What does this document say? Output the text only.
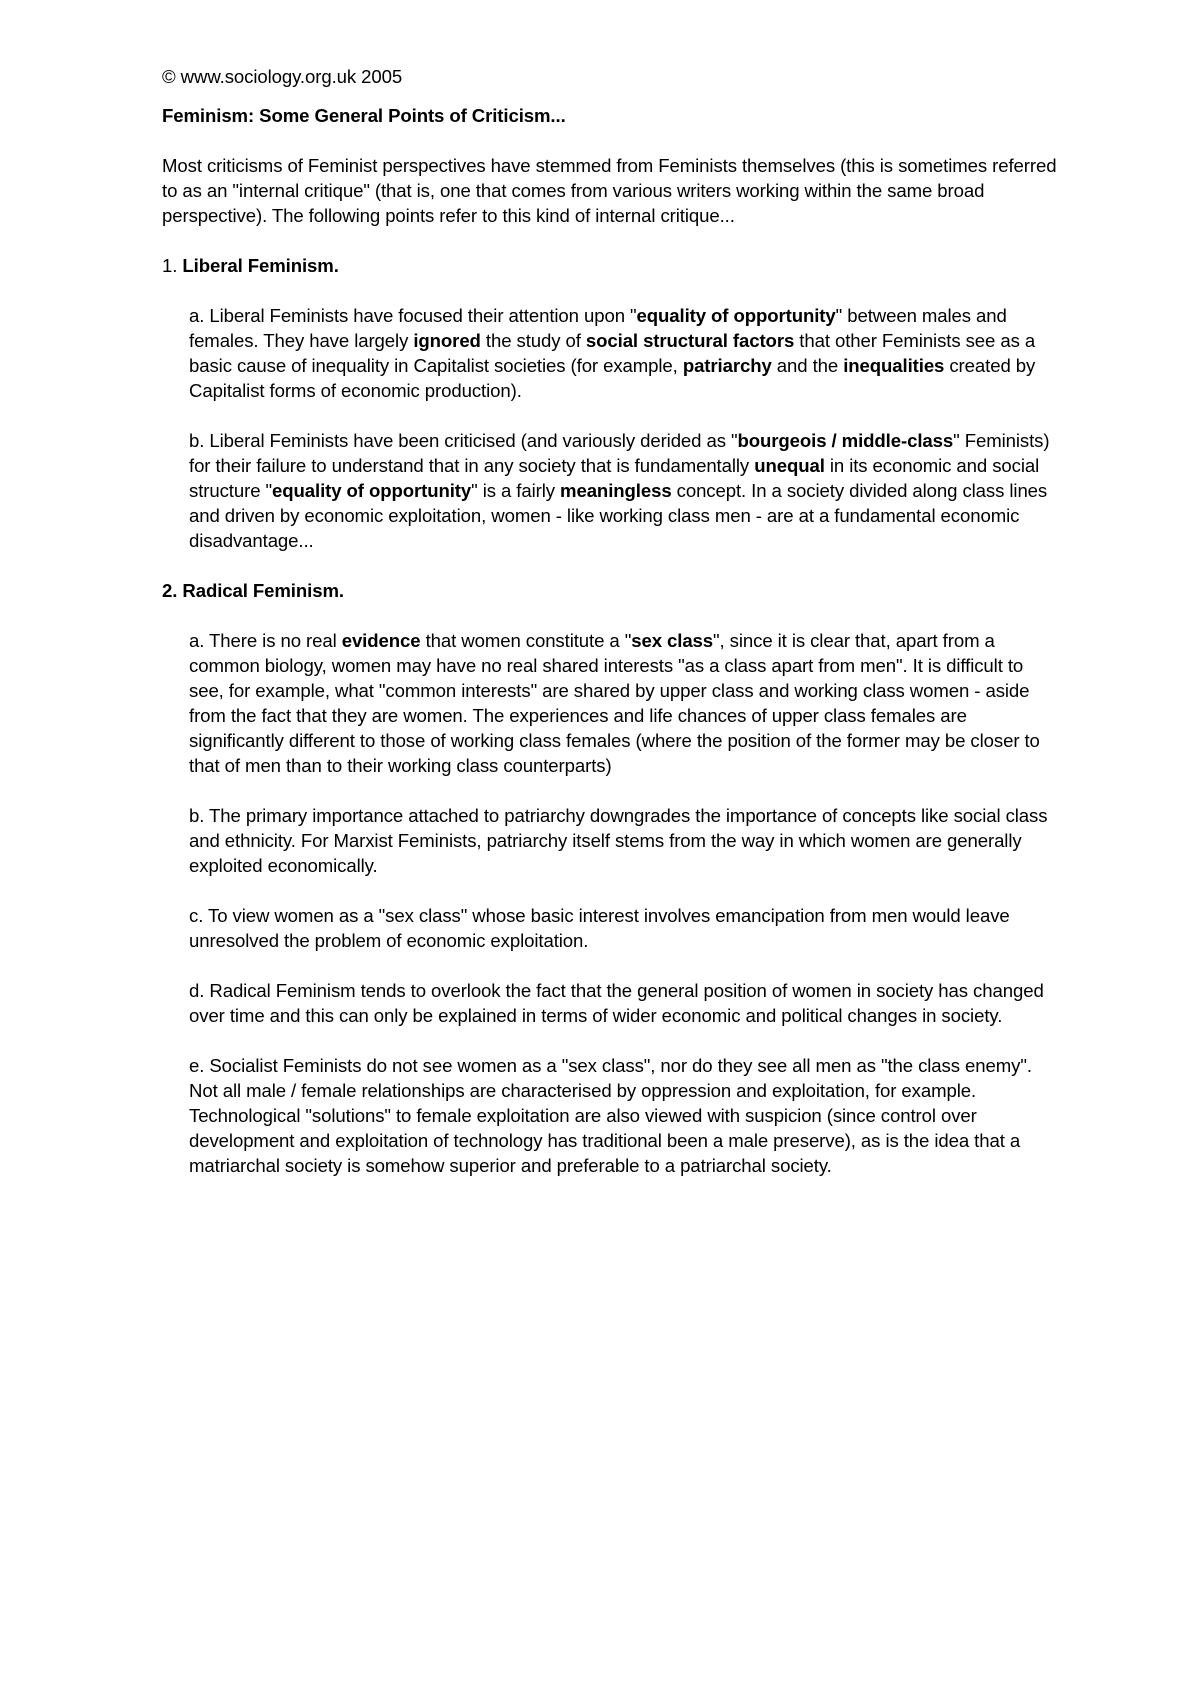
© www.sociology.org.uk 2005

Feminism: Some General Points of Criticism...

Most criticisms of Feminist perspectives have stemmed from Feminists themselves (this is sometimes referred to as an "internal critique" (that is, one that comes from various writers working within the same broad perspective). The following points refer to this kind of internal critique...

1. Liberal Feminism.

a. Liberal Feminists have focused their attention upon "equality of opportunity" between males and females. They have largely ignored the study of social structural factors that other Feminists see as a basic cause of inequality in Capitalist societies (for example, patriarchy and the inequalities created by Capitalist forms of economic production).

b. Liberal Feminists have been criticised (and variously derided as "bourgeois / middle-class" Feminists) for their failure to understand that in any society that is fundamentally unequal in its economic and social structure "equality of opportunity" is a fairly meaningless concept. In a society divided along class lines and driven by economic exploitation, women - like working class men - are at a fundamental economic disadvantage...

2. Radical Feminism.

a. There is no real evidence that women constitute a "sex class", since it is clear that, apart from a common biology, women may have no real shared interests "as a class apart from men". It is difficult to see, for example, what "common interests" are shared by upper class and working class women - aside from the fact that they are women. The experiences and life chances of upper class females are significantly different to those of working class females (where the position of the former may be closer to that of men than to their working class counterparts)

b. The primary importance attached to patriarchy downgrades the importance of concepts like social class and ethnicity. For Marxist Feminists, patriarchy itself stems from the way in which women are generally exploited economically.

c. To view women as a "sex class" whose basic interest involves emancipation from men would leave unresolved the problem of economic exploitation.

d. Radical Feminism tends to overlook the fact that the general position of women in society has changed over time and this can only be explained in terms of wider economic and political changes in society.

e. Socialist Feminists do not see women as a "sex class", nor do they see all men as "the class enemy". Not all male / female relationships are characterised by oppression and exploitation, for example. Technological "solutions" to female exploitation are also viewed with suspicion (since control over development and exploitation of technology has traditional been a male preserve), as is the idea that a matriarchal society is somehow superior and preferable to a patriarchal society.
